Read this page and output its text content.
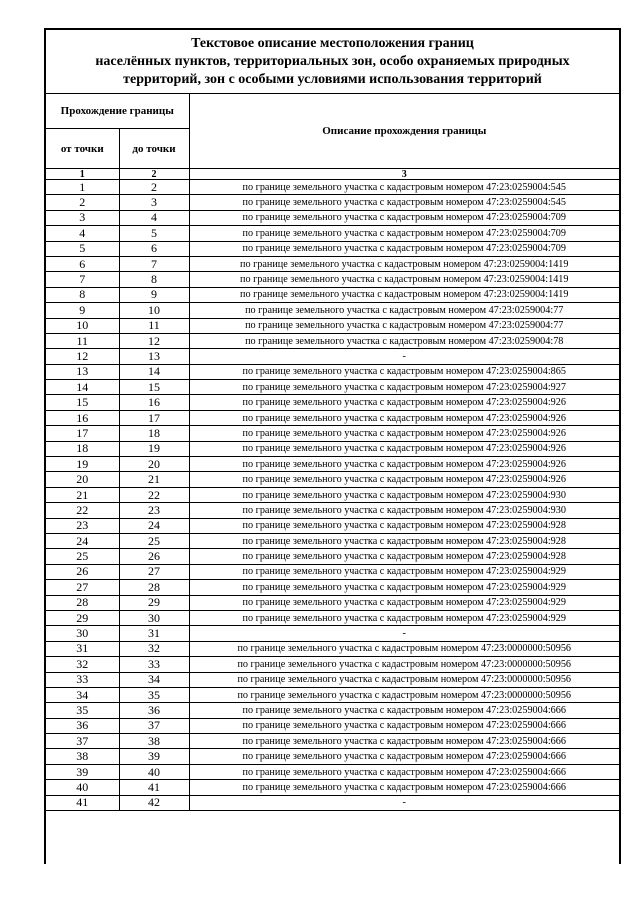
Текстовое описание местоположения границ
населённых пунктов, территориальных зон, особо охраняемых природных
территорий, зон с особыми условиями использования территорий
Прохождение границы		Описание прохождения границы
от точки	до точки	
1	2	3
1	2	по границе земельного участка с кадастровым номером 47:23:0259004:545
2	3	по границе земельного участка с кадастровым номером 47:23:0259004:545
3	4	по границе земельного участка с кадастровым номером 47:23:0259004:709
4	5	по границе земельного участка с кадастровым номером 47:23:0259004:709
5	6	по границе земельного участка с кадастровым номером 47:23:0259004:709
6	7	по границе земельного участка с кадастровым номером 47:23:0259004:1419
7	8	по границе земельного участка с кадастровым номером 47:23:0259004:1419
8	9	по границе земельного участка с кадастровым номером 47:23:0259004:1419
9	10	по границе земельного участка с кадастровым номером 47:23:0259004:77
10	11	по границе земельного участка с кадастровым номером 47:23:0259004:77
11	12	по границе земельного участка с кадастровым номером 47:23:0259004:78
12	13	-
13	14	по границе земельного участка с кадастровым номером 47:23:0259004:865
14	15	по границе земельного участка с кадастровым номером 47:23:0259004:927
15	16	по границе земельного участка с кадастровым номером 47:23:0259004:926
16	17	по границе земельного участка с кадастровым номером 47:23:0259004:926
17	18	по границе земельного участка с кадастровым номером 47:23:0259004:926
18	19	по границе земельного участка с кадастровым номером 47:23:0259004:926
19	20	по границе земельного участка с кадастровым номером 47:23:0259004:926
20	21	по границе земельного участка с кадастровым номером 47:23:0259004:926
21	22	по границе земельного участка с кадастровым номером 47:23:0259004:930
22	23	по границе земельного участка с кадастровым номером 47:23:0259004:930
23	24	по границе земельного участка с кадастровым номером 47:23:0259004:928
24	25	по границе земельного участка с кадастровым номером 47:23:0259004:928
25	26	по границе земельного участка с кадастровым номером 47:23:0259004:928
26	27	по границе земельного участка с кадастровым номером 47:23:0259004:929
27	28	по границе земельного участка с кадастровым номером 47:23:0259004:929
28	29	по границе земельного участка с кадастровым номером 47:23:0259004:929
29	30	по границе земельного участка с кадастровым номером 47:23:0259004:929
30	31	-
31	32	по границе земельного участка с кадастровым номером 47:23:0000000:50956
32	33	по границе земельного участка с кадастровым номером 47:23:0000000:50956
33	34	по границе земельного участка с кадастровым номером 47:23:0000000:50956
34	35	по границе земельного участка с кадастровым номером 47:23:0000000:50956
35	36	по границе земельного участка с кадастровым номером 47:23:0259004:666
36	37	по границе земельного участка с кадастровым номером 47:23:0259004:666
37	38	по границе земельного участка с кадастровым номером 47:23:0259004:666
38	39	по границе земельного участка с кадастровым номером 47:23:0259004:666
39	40	по границе земельного участка с кадастровым номером 47:23:0259004:666
40	41	по границе земельного участка с кадастровым номером 47:23:0259004:666
41	42	-
